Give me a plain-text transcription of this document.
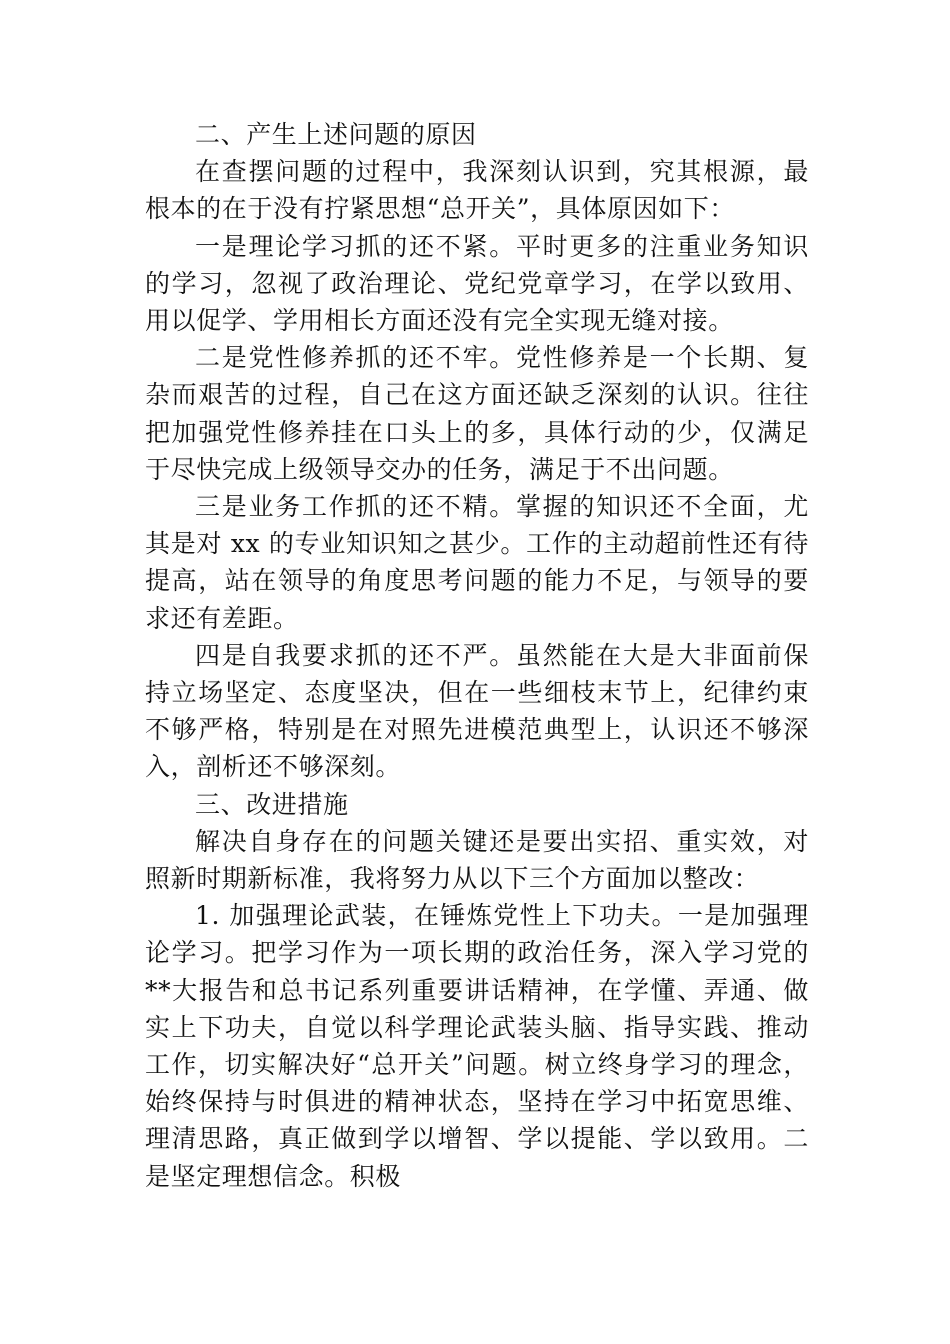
二、产生上述问题的原因

在查摆问题的过程中，我深刻认识到，究其根源，最根本的在于没有拧紧思想“总开关”，具体原因如下：

一是理论学习抓的还不紧。平时更多的注重业务知识的学习，忽视了政治理论、党纪党章学习，在学以致用、用以促学、学用相长方面还没有完全实现无缝对接。

二是党性修养抓的还不牢。党性修养是一个长期、复杂而艰苦的过程，自己在这方面还缺乏深刻的认识。往往把加强党性修养挂在口头上的多，具体行动的少，仅满足于尽快完成上级领导交办的任务，满足于不出问题。

三是业务工作抓的还不精。掌握的知识还不全面，尤其是对 xx 的专业知识知之甚少。工作的主动超前性还有待提高，站在领导的角度思考问题的能力不足，与领导的要求还有差距。

四是自我要求抓的还不严。虽然能在大是大非面前保持立场坚定、态度坚决，但在一些细枝末节上，纪律约束不够严格，特别是在对照先进模范典型上，认识还不够深入，剖析还不够深刻。

三、改进措施

解决自身存在的问题关键还是要出实招、重实效，对照新时期新标准，我将努力从以下三个方面加以整改：

1. 加强理论武装，在锤炼党性上下功夫。一是加强理论学习。把学习作为一项长期的政治任务，深入学习党的**大报告和总书记系列重要讲话精神，在学懂、弄通、做实上下功夫，自觉以科学理论武装头脑、指导实践、推动工作，切实解决好“总开关”问题。树立终身学习的理念，始终保持与时俱进的精神状态，坚持在学习中拓宽思维、理清思路，真正做到学以增智、学以提能、学以致用。二是坚定理想信念。积极
